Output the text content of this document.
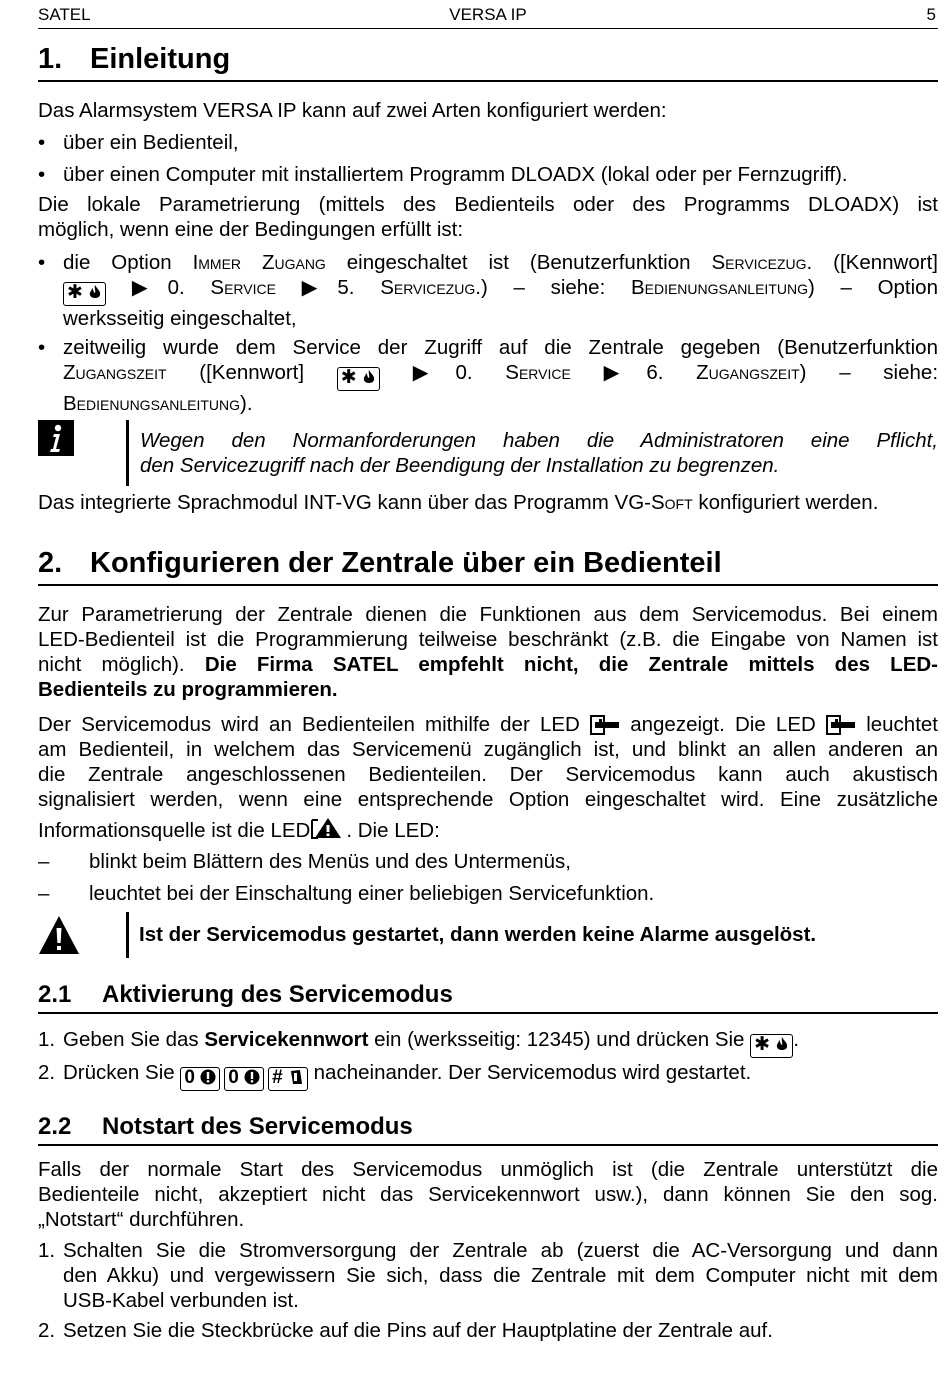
SATEL	VERSA IP	5
1. Einleitung
Das Alarmsystem VERSA IP kann auf zwei Arten konfiguriert werden:
• über ein Bedienteil,
• über einen Computer mit installiertem Programm DLOADX (lokal oder per Fernzugriff).
Die lokale Parametrierung (mittels des Bedienteils oder des Programms DLOADX) ist
möglich, wenn eine der Bedingungen erfüllt ist:
• die Option Immer Zugang eingeschaltet ist (Benutzerfunktion Servicezug. ([Kennwort]
✱ ▶0. Service ▶5. Servicezug.) – siehe: Bedienungsanleitung) – Option
werksseitig eingeschaltet,
• zeitweilig wurde dem Service der Zugriff auf die Zentrale gegeben (Benutzerfunktion
Zugangszeit ([Kennwort] ✱	▶0. Service ▶6. Zugangszeit) – siehe:
Bedienungsanleitung).
Wegen den Normanforderungen haben die Administratoren eine Pflicht,
den Servicezugriff nach der Beendigung der Installation zu begrenzen.
Das integrierte Sprachmodul INT-VG kann über das Programm VG-Soft konfiguriert werden.
2. Konfigurieren der Zentrale über ein Bedienteil
Zur Parametrierung der Zentrale dienen die Funktionen aus dem Servicemodus. Bei einem
LED-Bedienteil ist die Programmierung teilweise beschränkt (z.B. die Eingabe von Namen ist
nicht möglich). Die Firma SATEL empfehlt nicht, die Zentrale mittels des LED-
Bedienteils zu programmieren.
Der Servicemodus wird an Bedienteilen mithilfe der LED angezeigt. Die LED leuchtet
am Bedienteil, in welchem das Servicemenü zugänglich ist, und blinkt an allen anderen an
die Zentrale angeschlossenen Bedienteilen. Der Servicemodus kann auch akustisch
signalisiert werden, wenn eine entsprechende Option eingeschaltet wird. Eine zusätzliche
Informationsquelle ist die LED . Die LED:
–	blinkt beim Blättern des Menüs und des Untermenüs,
–	leuchtet bei der Einschaltung einer beliebigen Servicefunktion.
Ist der Servicemodus gestartet, dann werden keine Alarme ausgelöst.
2.1 Aktivierung des Servicemodus
1. Geben Sie das Servicekennwort ein (werksseitig: 12345) und drücken Sie ✱ .
2. Drücken Sie 0 0 # nacheinander. Der Servicemodus wird gestartet.
2.2 Notstart des Servicemodus
Falls der normale Start des Servicemodus unmöglich ist (die Zentrale unterstützt die
Bedienteile nicht, akzeptiert nicht das Servicekennwort usw.), dann können Sie den sog.
„Notstart“ durchführen.
1. Schalten Sie die Stromversorgung der Zentrale ab (zuerst die AC-Versorgung und dann
den Akku) und vergewissern Sie sich, dass die Zentrale mit dem Computer nicht mit dem
USB-Kabel verbunden ist.
2. Setzen Sie die Steckbrücke auf die Pins auf der Hauptplatine der Zentrale auf.
